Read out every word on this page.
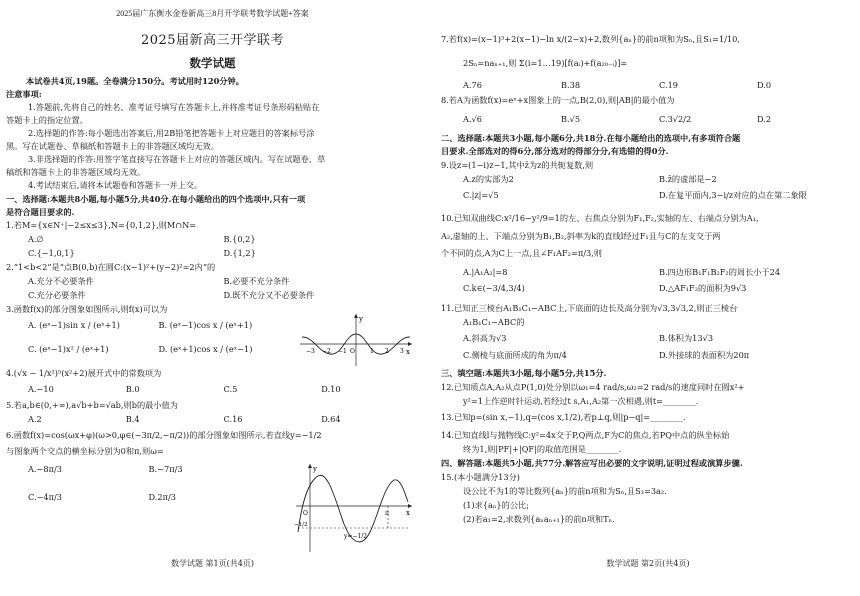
2025届广东衡水金卷新高三8月开学联考数学试题+答案
2025届新高三开学联考
数学试题
本试卷共4页,19题。全卷满分150分。考试用时120分钟。
注意事项:
1.答题前,先将自己的姓名、准考证号填写在答题卡上,并将准考证号条形码粘贴在
答题卡上的指定位置。
2.选择题的作答:每小题选出答案后,用2B铅笔把答题卡上对应题目的答案标号涂
黑。写在试题卷、草稿纸和答题卡上的非答题区域均无效。
3.非选择题的作答:用签字笔直接写在答题卡上对应的答题区域内。写在试题卷、草
稿纸和答题卡上的非答题区域均无效。
4.考试结束后,请将本试题卷和答题卡一并上交。
一、选择题:本题共8小题,每小题5分,共40分.在每小题给出的四个选项中,只有一项
是符合题目要求的.
1.若M={x∈N⁺|−2≤x≤3},N={0,1,2},则M∩N=
A.∅	B.{0,2}
C.{−1,0,1}	D.{1,2}
2.“1<b<2”是“点B(0,b)在圆C:(x−1)²+(y−2)²=2内”的
A.充分不必要条件	B.必要不充分条件
C.充分必要条件	D.既不充分又不必要条件
3.函数f(x)的部分图象如图所示,则f(x)可以为
A. (eˣ−1)sin x / (eˣ+1)	B. (eˣ−1)cos x / (eˣ+1)
C. (eˣ−1)x² / (eˣ+1)	D. (eˣ+1)cos x / (eˣ−1)
y
x
−3 −2 −1 O	1 2 3
4.(√x − 1/x²)⁵(x²+2)展开式中的常数项为
A.−10	B.0	C.5	D.10
5.若a,b∈(0,+∞),a√b+b=√ab,则b的最小值为
A.2	B.4	C.16	D.64
6.函数f(x)=cos(ωx+φ)(ω>0,φ∈(−3π/2,−π/2))的部分图象如图所示,若直线y=−1/2
与图象两个交点的横坐标分别为0和π,则ω=
A.−8π/3	B.−7π/3
C.−4π/3	D.2π/3
y
x
O	π
y=−1/2
−1/2
数学试题 第1页(共4页)
7.若f(x)=(x−1)³+2(x−1)−ln x/(2−x)+2,数列{aₙ}的前n项和为Sₙ,且S₁=1/10,
2Sₙ=naₙ₊₁,则 Σ(i=1…19)[f(aᵢ)+f(a₂₀₋ᵢ)]=
A.76	B.38	C.19	D.0
8.若A为函数f(x)=eˣ+x图象上的一点,B(2,0),则|AB|的最小值为
A.√6	B.√5	C.3√2/2	D.2
二、选择题:本题共3小题,每小题6分,共18分.在每小题给出的选项中,有多项符合题
目要求.全部选对的得6分,部分选对的得部分分,有选错的得0分.
9.设z=(1−i)z−1,其中z̄为z的共轭复数,则
A.z的实部为2	B.z̄的虚部是−2
C.|z|=√5	D.在复平面内,3−i/z对应的点在第二象限
10.已知双曲线C:x²/16−y²/9=1的左、右焦点分别为F₁,F₂,实轴的左、右端点分别为A₁,
A₂,虚轴的上、下端点分别为B₁,B₂,斜率为k的直线l经过F₁且与C的左支交于两
个不同的点,A为C上一点,且∠F₁AF₂=π/3,则
A.|A₁A₂|=8	B.四边形B₁F₁B₂F₂的周长小于24
C.k∈(−3/4,3/4)	D.△AF₁F₂的面积为9√3
11.已知正三棱台A₁B₁C₁−ABC上,下底面的边长及高分别为√3,3√3,2,则正三棱台
A₁B₁C₁−ABC的
A.斜高为√3	B.体积为13√3
C.侧棱与底面所成的角为π/4	D.外接球的表面积为20π
三、填空题:本题共3小题,每小题5分,共15分.
12.已知质点A,A₂从点P(1,0)处分别以ω₁=4 rad/s,ω₂=2 rad/s的速度同时在圆x²+
y²=1上作逆时针运动,若经过t s,A₁,A₂第一次相遇,则t=________.
13.已知p=(sin x,−1),q=(cos x,1/2),若p⊥q,则|p−q|=________.
14.已知直线l与抛物线C:y²=4x交于P,Q两点,F为C的焦点,若PQ中点的纵坐标始
终为1,则|PF|+|QF|的取值范围是________.
四、解答题:本题共5小题,共77分.解答应写出必要的文字说明,证明过程或演算步骤.
15.(本小题满分13分)
设公比不为1的等比数列{aₙ}的前n项和为Sₙ,且S₃=3a₂.
(1)求{aₙ}的公比;
(2)若a₁=2,求数列{aₙaₙ₊₁}的前n项和Tₙ.
数学试题 第2页(共4页)
